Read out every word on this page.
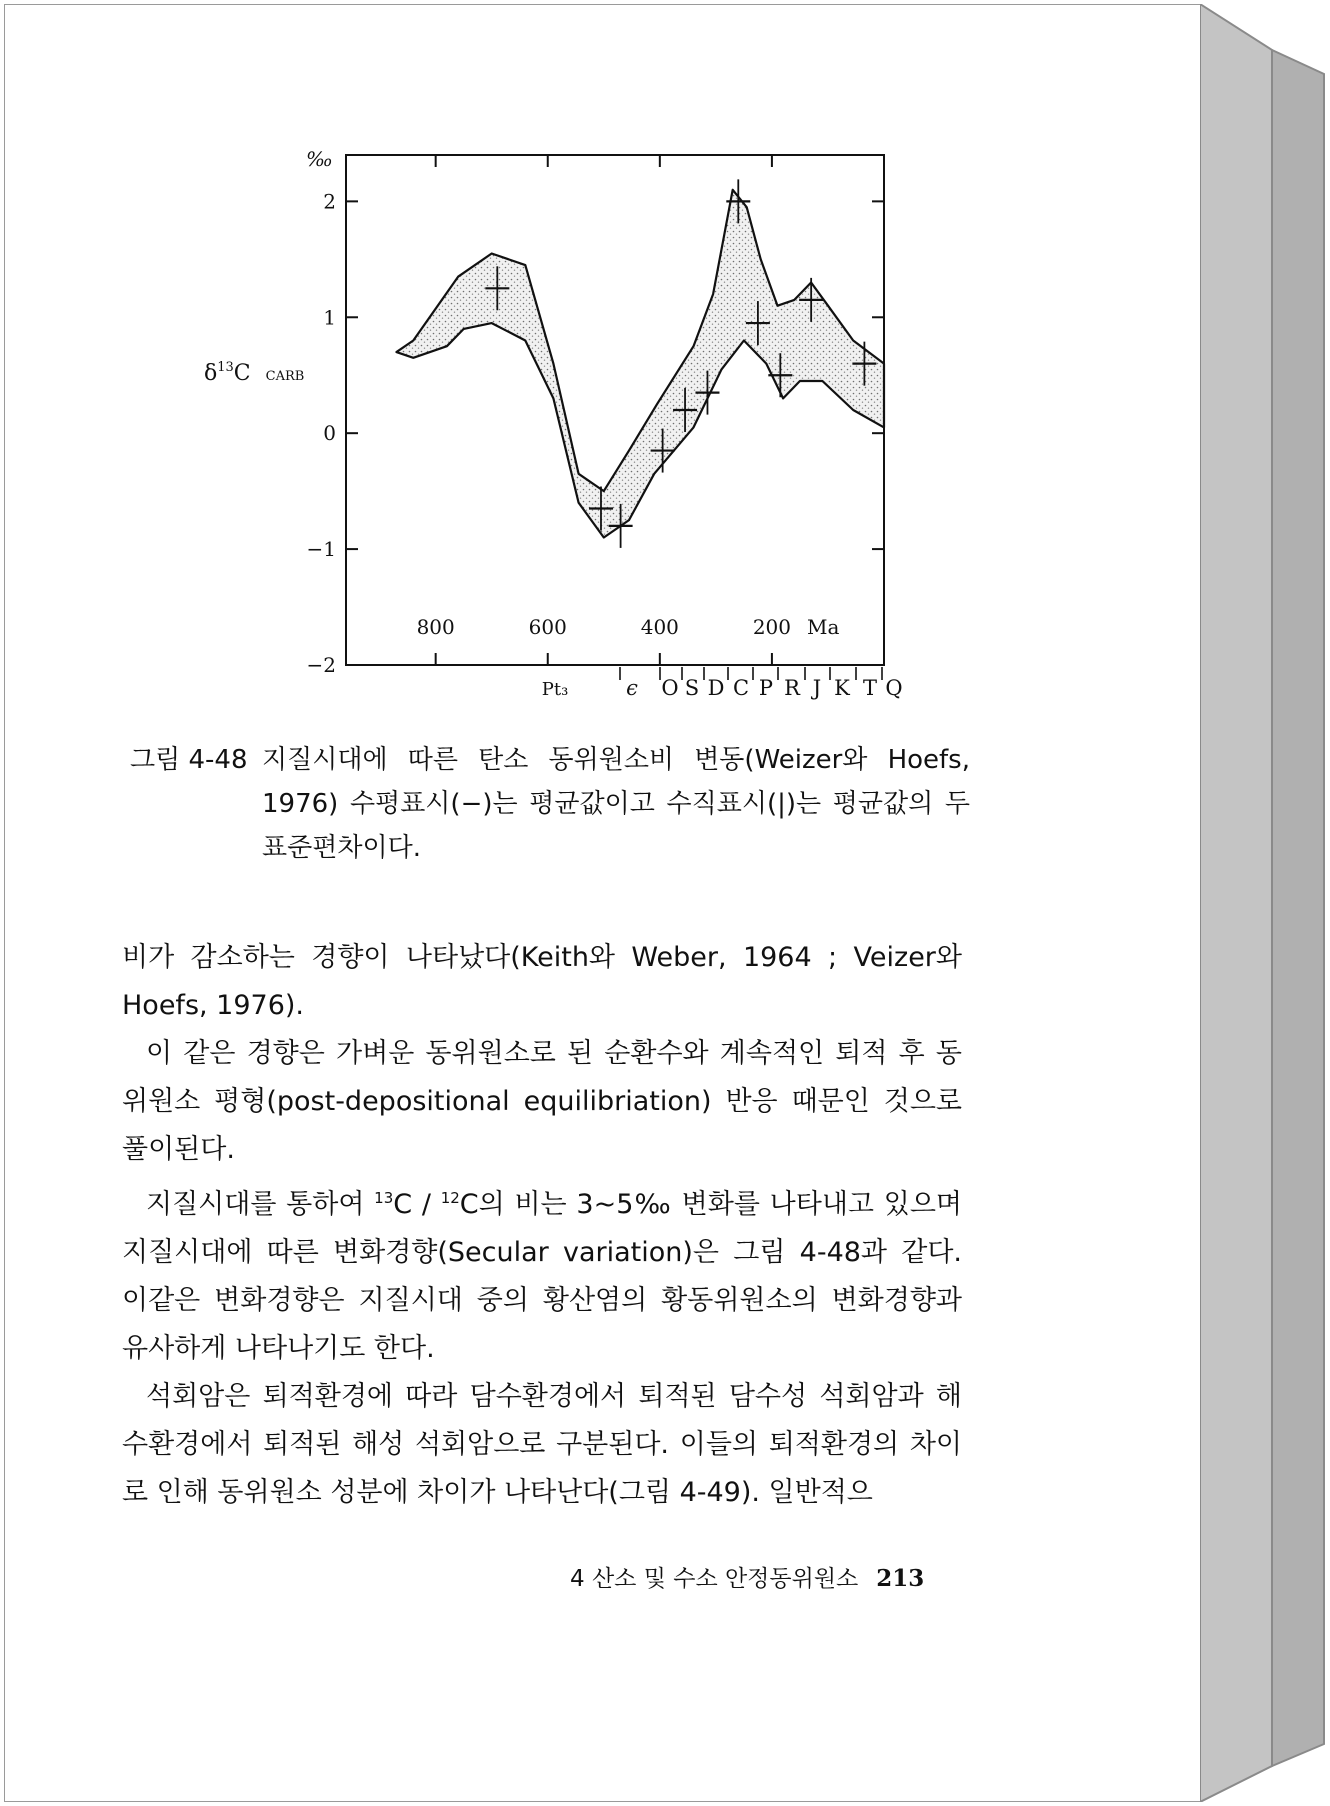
2
1
0
−1
−2
800	600	400	200
Pt₃	ϵ O S D C P R J K T Q
‰
$\delta^{13}C$ CARB
Ma
그림 4-48 지질시대에 따른 탄소 동위원소비 변동(Weizer와 Hoefs, 1976) 수평표시(−)는 평균값이고 수직표시(|)는 평균값의 두 표준편차이다.

비가 감소하는 경향이 나타났다(Keith와 Weber, 1964 ; Veizer와 Hoefs, 1976).

이 같은 경향은 가벼운 동위원소로 된 순환수와 계속적인 퇴적 후 동위원소 평형(post-depositional equilibriation) 반응 때문인 것으로 풀이된다.

지질시대를 통하여 $^{13}$C / $^{12}$C의 비는 3~5‰ 변화를 나타내고 있으며 지질시대에 따른 변화경향(Secular variation)은 그림 4-48과 같다. 이같은 변화경향은 지질시대 중의 황산염의 황동위원소의 변화경향과 유사하게 나타나기도 한다.

석회암은 퇴적환경에 따라 담수환경에서 퇴적된 담수성 석회암과 해수환경에서 퇴적된 해성 석회암으로 구분된다. 이들의 퇴적환경의 차이로 인해 동위원소 성분에 차이가 나타난다(그림 4-49). 일반적으

4 산소 및 수소 안정동위원소 213
